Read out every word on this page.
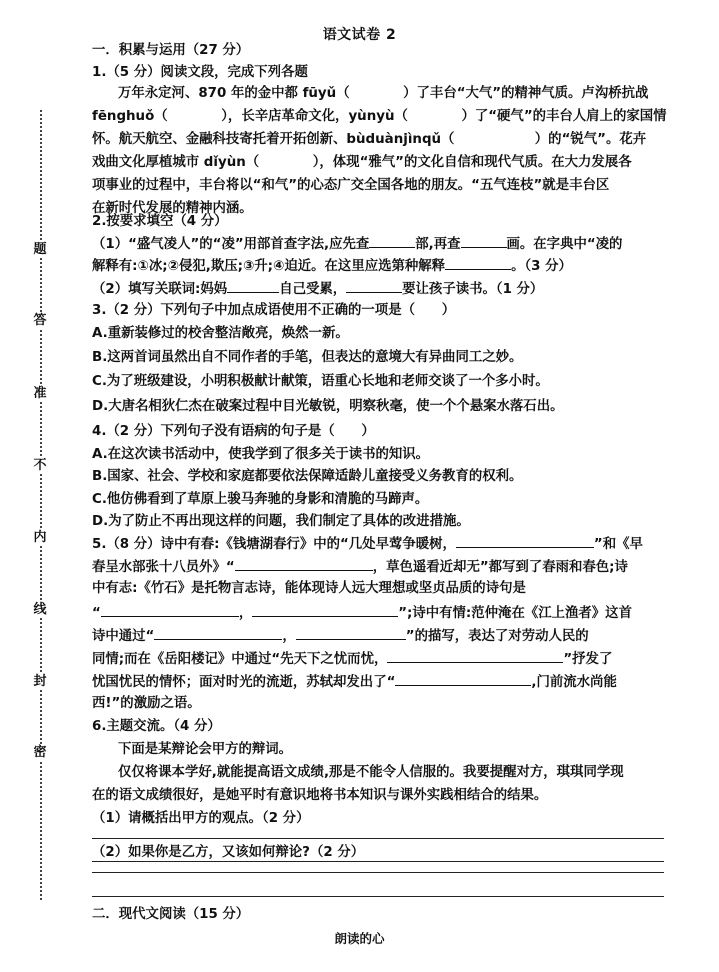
题
答
准
不
内
线
封
密
语文试卷 2
一．积累与运用（27 分）
1.（5 分）阅读文段，完成下列各题
万年永定河、870 年的金中都 fūyǔ（　　　　）了丰台“大气”的精神气质。卢沟桥抗战
fēnghuǒ（　　　　），长辛店革命文化，yùnyù（　　　　）了“硬气”的丰台人肩上的家国情
怀。航天航空、金融科技寄托着开拓创新、bùduànjìnqǔ（　　　　　　）的“锐气”。花卉
戏曲文化厚植城市 dǐyùn（　　　　），体现“雅气”的文化自信和现代气质。在大力发展各
项事业的过程中，丰台将以“和气”的心态广交全国各地的朋友。“五气连枝”就是丰台区
在新时代发展的精神内涵。
2.按要求填空（4 分）
（1）“盛气凌人”的“凌”用部首查字法,应先查	部,再查	画。在字典中“凌的
解释有:①冰;②侵犯,欺压;③升;④迫近。在这里应选第种解释	。（3 分）
（2）填写关联词:妈妈	自己受累，	要让孩子读书。（1 分）
3.（2 分）下列句子中加点成语使用不正确的一项是（　　）
A.重新装修过的校舍整洁敞亮，焕然一新。
B.这两首词虽然出自不同作者的手笔，但表达的意境大有异曲同工之妙。
C.为了班级建设，小明积极献计献策，语重心长地和老师交谈了一个多小时。
D.大唐名相狄仁杰在破案过程中目光敏锐，明察秋毫，使一个个悬案水落石出。
4.（2 分）下列句子没有语病的句子是（　　）
A.在这次读书活动中，使我学到了很多关于读书的知识。
B.国家、社会、学校和家庭都要依法保障适龄儿童接受义务教育的权利。
C.他仿佛看到了草原上骏马奔驰的身影和清脆的马蹄声。
D.为了防止不再出现这样的问题，我们制定了具体的改进措施。
5.（8 分）诗中有春:《钱塘湖春行》中的“几处早莺争暖树，	”和《早
春呈水部张十八员外》“	，草色遥看近却无”都写到了春雨和春色;诗
中有志:《竹石》是托物言志诗，能体现诗人远大理想或坚贞品质的诗句是
“	，	”;诗中有情:范仲淹在《江上渔者》这首
诗中通过“	，	”的描写，表达了对劳动人民的
同情;而在《岳阳楼记》中通过“先天下之忧而忧，	”抒发了
忧国忧民的情怀；面对时光的流逝，苏轼却发出了“	,门前流水尚能
西!”的激励之语。
6.主题交流。（4 分）
下面是某辩论会甲方的辩词。
仅仅将课本学好,就能提高语文成绩,那是不能令人信服的。我要提醒对方，琪琪同学现
在的语文成绩很好，是她平时有意识地将书本知识与课外实践相结合的结果。
（1）请概括出甲方的观点。（2 分）
（2）如果你是乙方，又该如何辩论?（2 分）
二．现代文阅读（15 分）
朗读的心
